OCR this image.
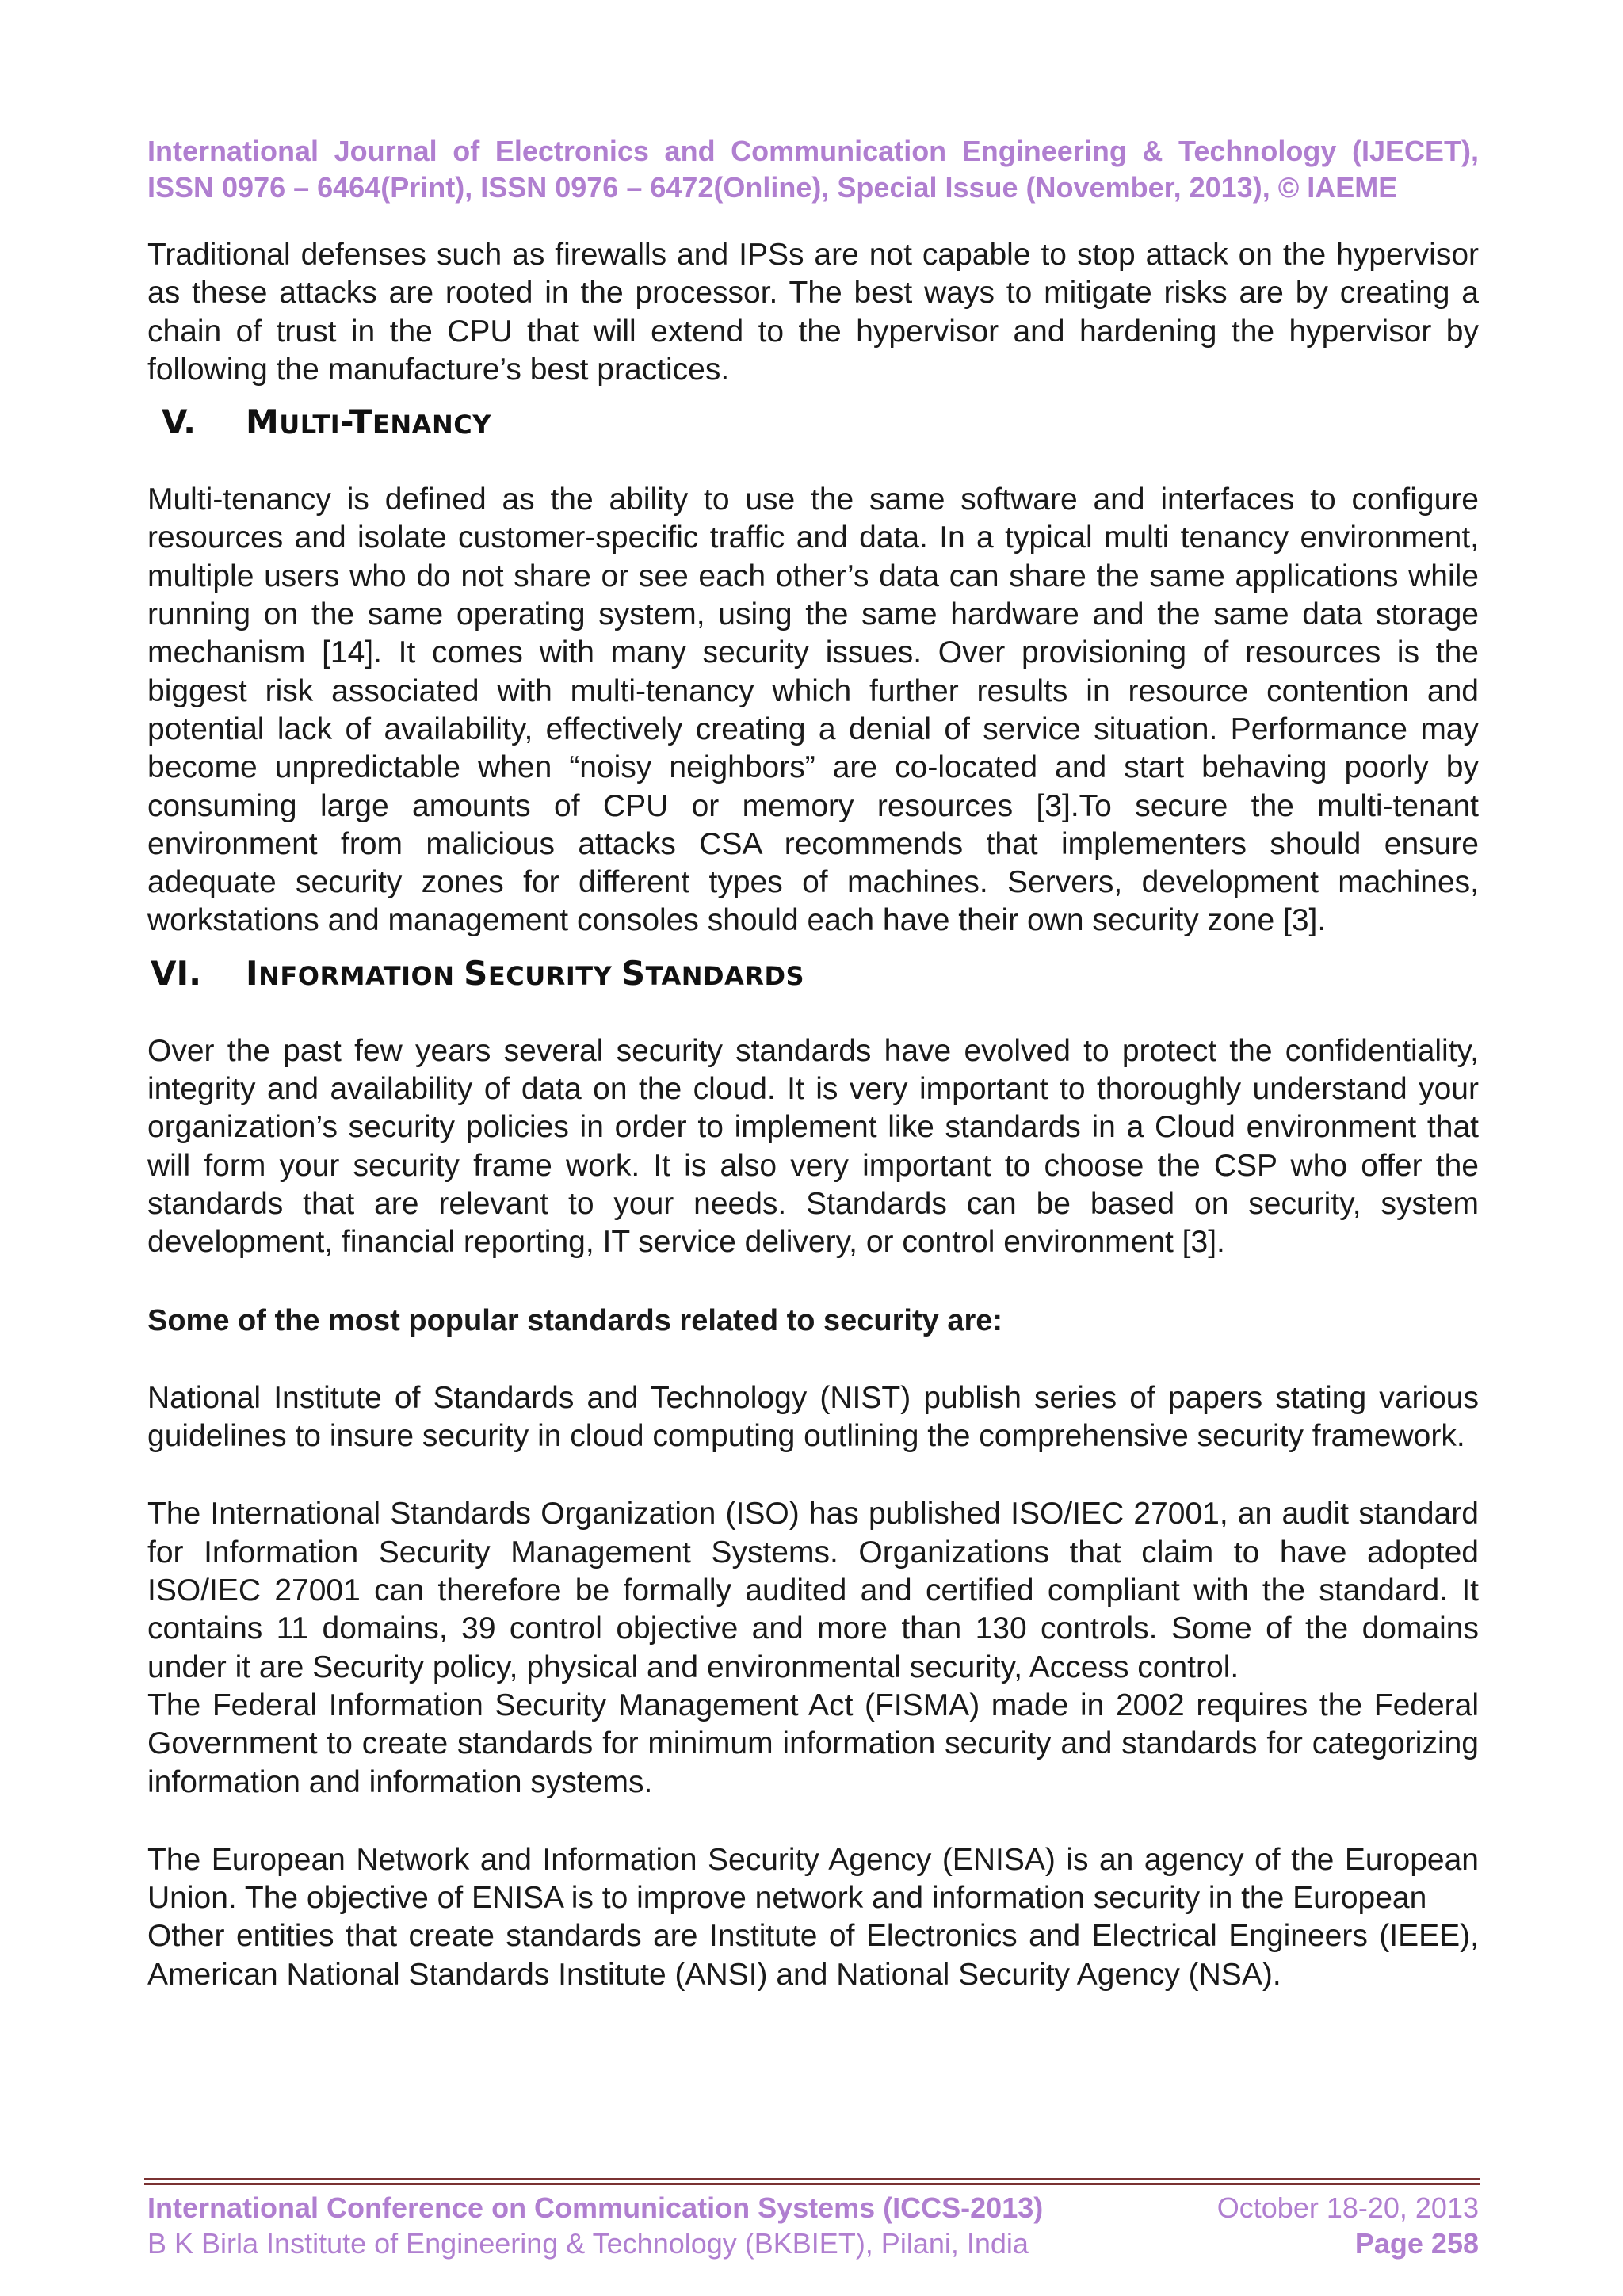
International Journal of Electronics and Communication Engineering & Technology (IJECET),
ISSN 0976 – 6464(Print), ISSN 0976 – 6472(Online), Special Issue (November, 2013), © IAEME

Traditional defenses such as firewalls and IPSs are not capable to stop attack on the hypervisor as these attacks are rooted in the processor. The best ways to mitigate risks are by creating a chain of trust in the CPU that will extend to the hypervisor and hardening the hypervisor by following the manufacture’s best practices.

V.	MULTI-TENANCY

Multi-tenancy is defined as the ability to use the same software and interfaces to configure resources and isolate customer-specific traffic and data. In a typical multi tenancy environment, multiple users who do not share or see each other’s data can share the same applications while running on the same operating system, using the same hardware and the same data storage mechanism [14]. It comes with many security issues. Over provisioning of resources is the biggest risk associated with multi-tenancy which further results in resource contention and potential lack of availability, effectively creating a denial of service situation. Performance may become unpredictable when “noisy neighbors” are co-located and start behaving poorly by consuming large amounts of CPU or memory resources [3].To secure the multi-tenant environment from malicious attacks CSA recommends that implementers should ensure adequate security zones for different types of machines. Servers, development machines, workstations and management consoles should each have their own security zone [3].

VI.	INFORMATION SECURITY STANDARDS

Over the past few years several security standards have evolved to protect the confidentiality, integrity and availability of data on the cloud. It is very important to thoroughly understand your organization’s security policies in order to implement like standards in a Cloud environment that will form your security frame work. It is also very important to choose the CSP who offer the standards that are relevant to your needs. Standards can be based on security, system development, financial reporting, IT service delivery, or control environment [3].

Some of the most popular standards related to security are:

National Institute of Standards and Technology (NIST) publish series of papers stating various guidelines to insure security in cloud computing outlining the comprehensive security framework.

The International Standards Organization (ISO) has published ISO/IEC 27001, an audit standard for Information Security Management Systems. Organizations that claim to have adopted ISO/IEC 27001 can therefore be formally audited and certified compliant with the standard. It contains 11 domains, 39 control objective and more than 130 controls. Some of the domains under it are Security policy, physical and environmental security, Access control.

The Federal Information Security Management Act (FISMA) made in 2002 requires the Federal Government to create standards for minimum information security and standards for categorizing information and information systems.

The European Network and Information Security Agency (ENISA) is an agency of the European

Union. The objective of ENISA is to improve network and information security in the European

Other entities that create standards are Institute of Electronics and Electrical Engineers (IEEE), American National Standards Institute (ANSI) and National Security Agency (NSA).

International Conference on Communication Systems (ICCS-2013)	October 18-20, 2013
B K Birla Institute of Engineering & Technology (BKBIET), Pilani, India	Page 258
